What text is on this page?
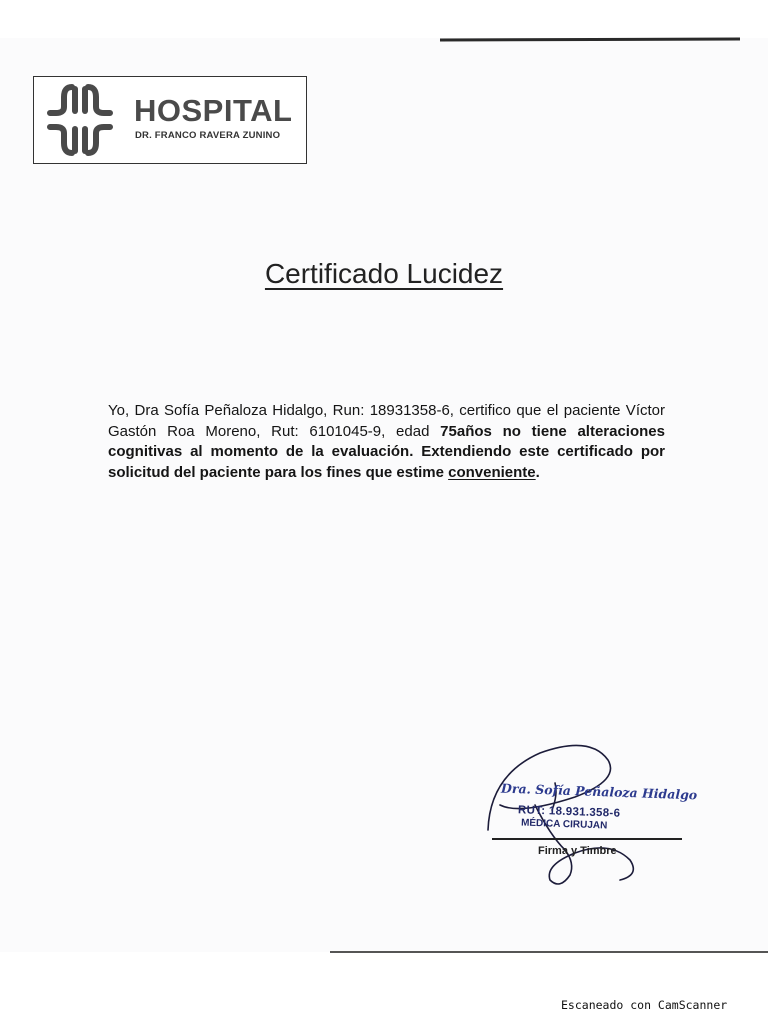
HOSPITAL
DR. FRANCO RAVERA ZUNINO
Certificado Lucidez
Yo, Dra Sofía Peñaloza Hidalgo, Run: 18931358-6, certifico que el paciente Víctor Gastón Roa Moreno, Rut: 6101045-9, edad 75años no tiene alteraciones cognitivas al momento de la evaluación. Extendiendo este certificado por solicitud del paciente para los fines que estime conveniente.
Dra. Sofía Peñaloza Hidalgo
RUT: 18.931.358-6
MÉDICA CIRUJAN
Firma y Timbre
Escaneado con CamScanner
